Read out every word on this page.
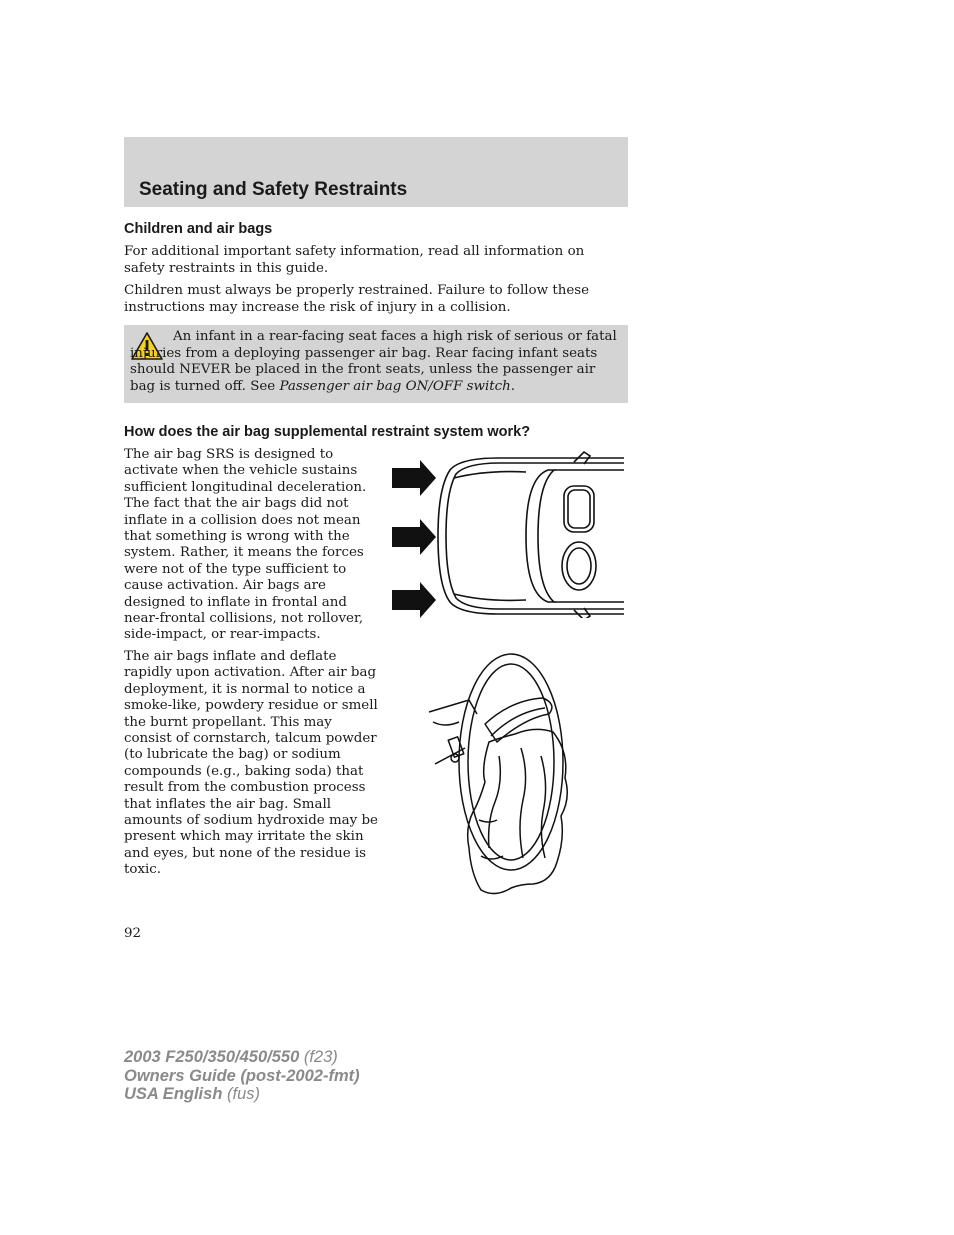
Seating and Safety Restraints
Children and air bags

For additional important safety information, read all information on safety restraints in this guide.

Children must always be properly restrained. Failure to follow these instructions may increase the risk of injury in a collision.

An infant in a rear-facing seat faces a high risk of serious or fatal injuries from a deploying passenger air bag. Rear facing infant seats should NEVER be placed in the front seats, unless the passenger air bag is turned off. See Passenger air bag ON/OFF switch.

How does the air bag supplemental restraint system work?

The air bag SRS is designed to activate when the vehicle sustains sufficient longitudinal deceleration. The fact that the air bags did not inflate in a collision does not mean that something is wrong with the system. Rather, it means the forces were not of the type sufficient to cause activation. Air bags are designed to inflate in frontal and near-frontal collisions, not rollover, side-impact, or rear-impacts.

The air bags inflate and deflate rapidly upon activation. After air bag deployment, it is normal to notice a smoke-like, powdery residue or smell the burnt propellant. This may consist of cornstarch, talcum powder (to lubricate the bag) or sodium compounds (e.g., baking soda) that result from the combustion process that inflates the air bag. Small amounts of sodium hydroxide may be present which may irritate the skin and eyes, but none of the residue is toxic.

92
2003 F250/350/450/550 (f23)
Owners Guide (post-2002-fmt)
USA English (fus)
